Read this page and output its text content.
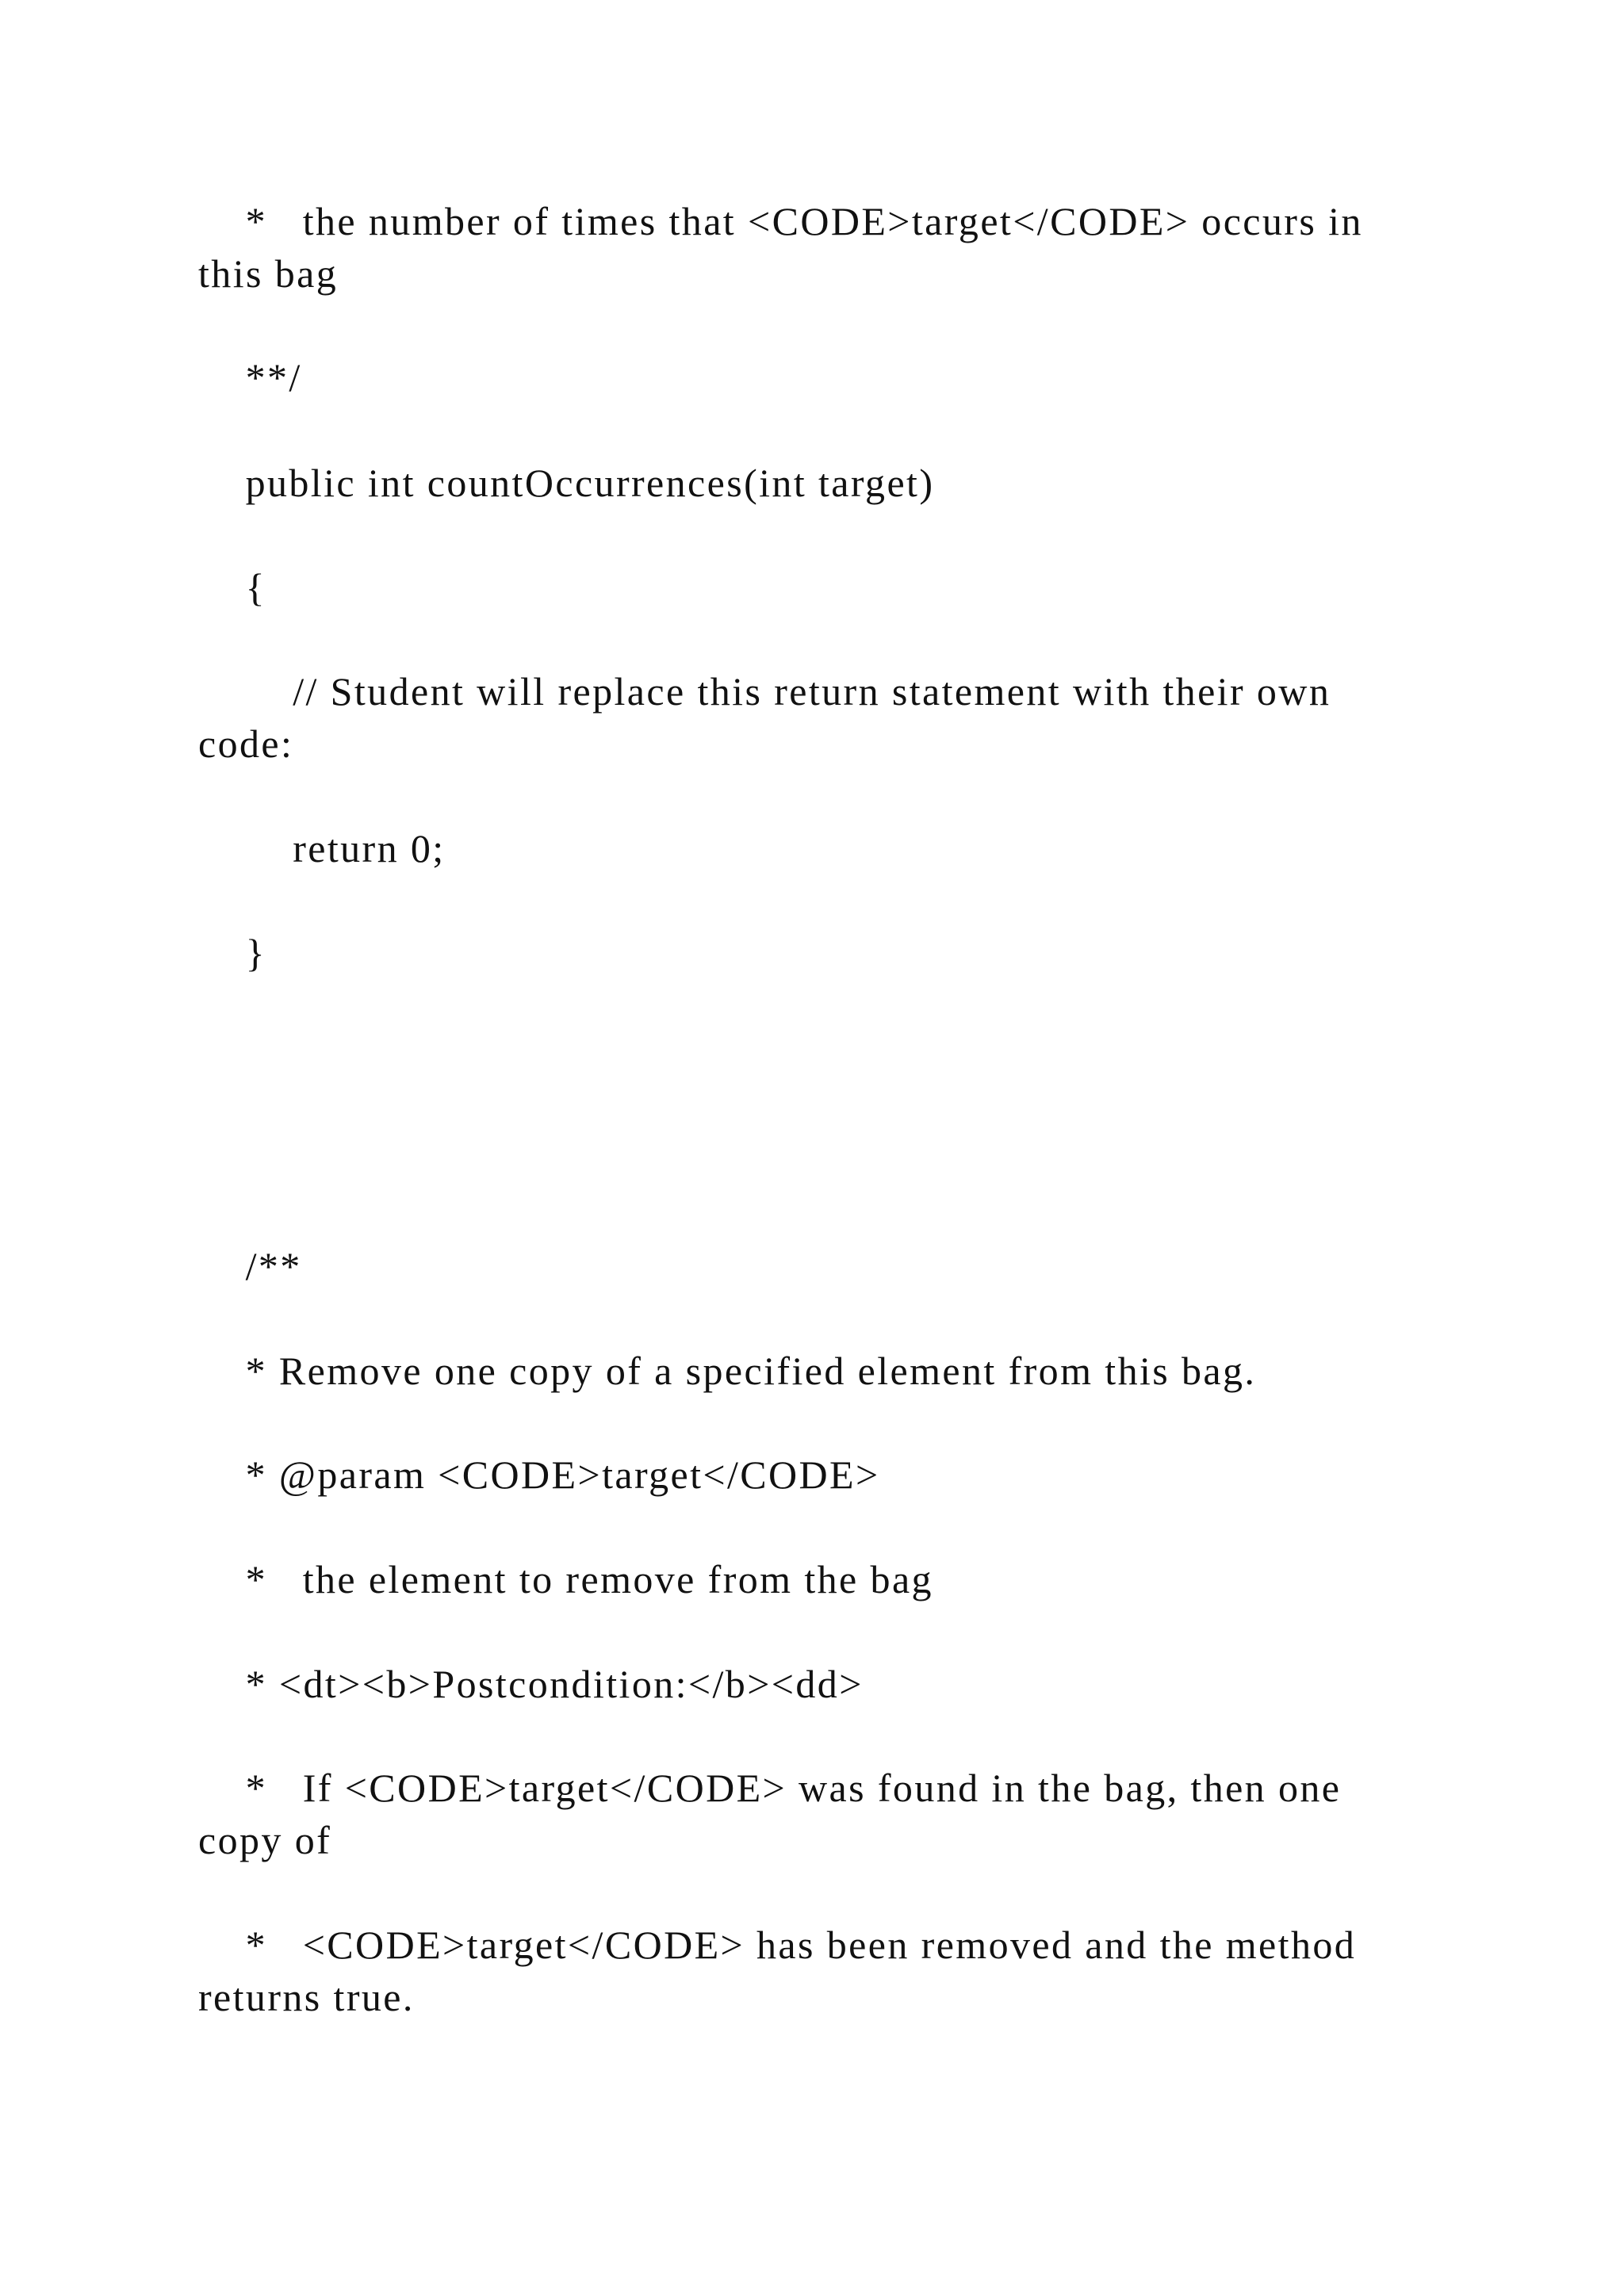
*   the number of times that <CODE>target</CODE> occurs in this bag

**/

public int countOccurrences(int target)

{

// Student will replace this return statement with their own code:

return 0;

}

/**

* Remove one copy of a specified element from this bag.

* @param <CODE>target</CODE>

*   the element to remove from the bag

* <dt><b>Postcondition:</b><dd>

*   If <CODE>target</CODE> was found in the bag, then one copy of

*   <CODE>target</CODE> has been removed and the method returns true.
